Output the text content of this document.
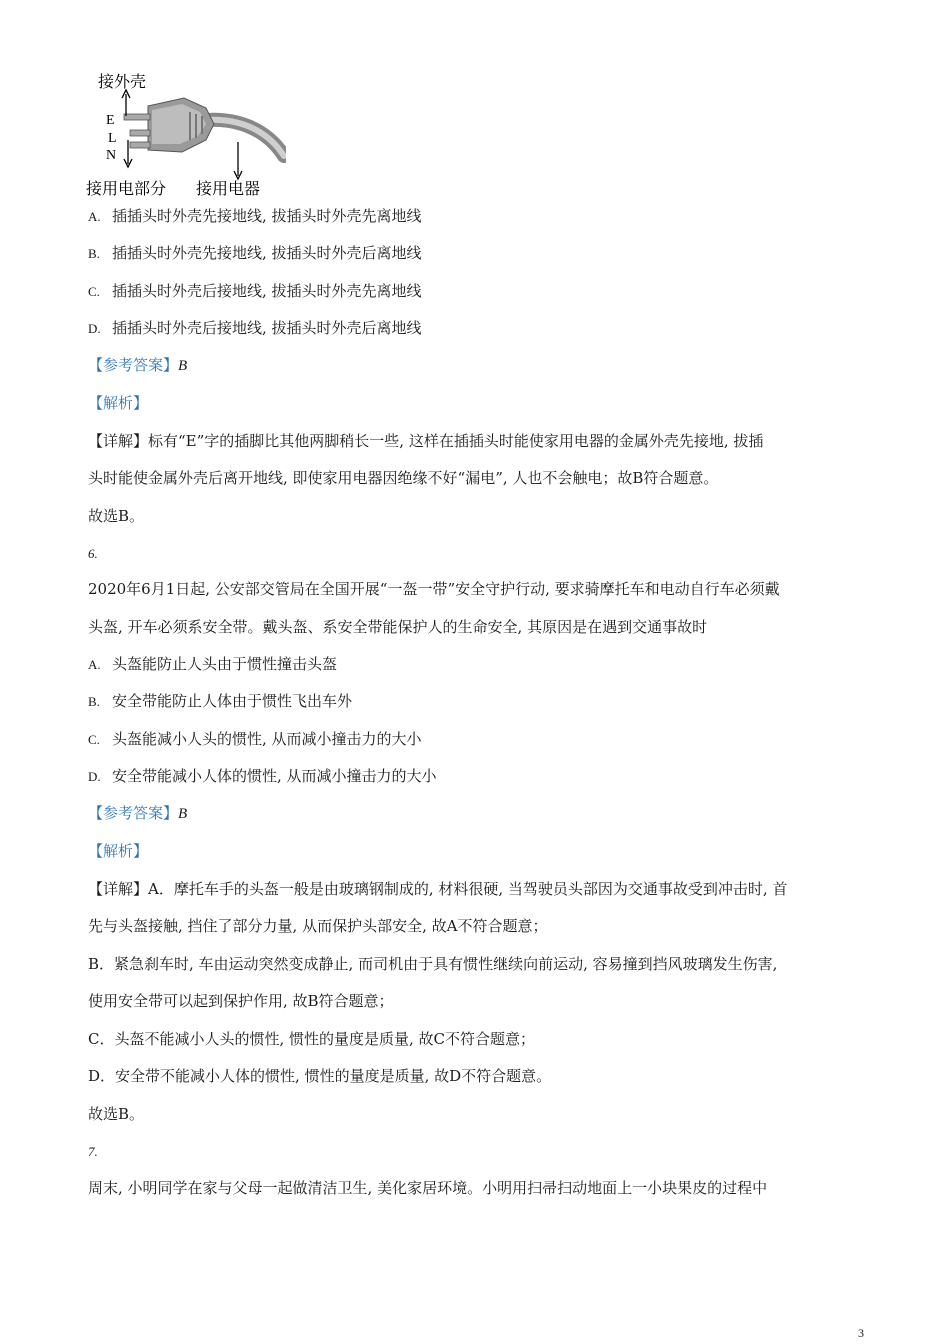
接外壳
E
L
N
接用电部分 接用电器
A. 插插头时外壳先接地线, 拔插头时外壳先离地线
B. 插插头时外壳先接地线, 拔插头时外壳后离地线
C. 插插头时外壳后接地线, 拔插头时外壳先离地线
D. 插插头时外壳后接地线, 拔插头时外壳后离地线
【参考答案】B
【解析】
【详解】标有“E”字的插脚比其他两脚稍长一些, 这样在插插头时能使家用电器的金属外壳先接地, 拔插
头时能使金属外壳后离开地线, 即使家用电器因绝缘不好“漏电”, 人也不会触电；故B符合题意。
故选B。
6.
2020年6月1日起, 公安部交管局在全国开展“一盔一带”安全守护行动, 要求骑摩托车和电动自行车必须戴
头盔, 开车必须系安全带。戴头盔、系安全带能保护人的生命安全, 其原因是在遇到交通事故时
A. 头盔能防止人头由于惯性撞击头盔
B. 安全带能防止人体由于惯性飞出车外
C. 头盔能减小人头的惯性, 从而减小撞击力的大小
D. 安全带能减小人体的惯性, 从而减小撞击力的大小
【参考答案】B
【解析】
【详解】A．摩托车手的头盔一般是由玻璃钢制成的, 材料很硬, 当驾驶员头部因为交通事故受到冲击时, 首
先与头盔接触, 挡住了部分力量, 从而保护头部安全, 故A不符合题意；
B．紧急刹车时, 车由运动突然变成静止, 而司机由于具有惯性继续向前运动, 容易撞到挡风玻璃发生伤害,
使用安全带可以起到保护作用, 故B符合题意；
C．头盔不能减小人头的惯性, 惯性的量度是质量, 故C不符合题意；
D．安全带不能减小人体的惯性, 惯性的量度是质量, 故D不符合题意。
故选B。
7.
周末, 小明同学在家与父母一起做清洁卫生, 美化家居环境。小明用扫帚扫动地面上一小块果皮的过程中
3
